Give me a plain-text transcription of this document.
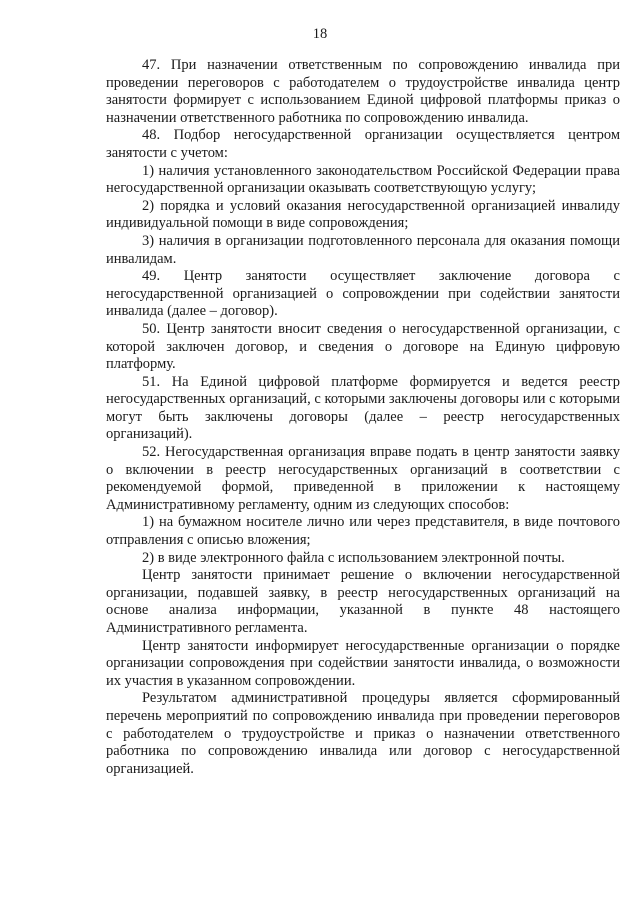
18

47. При назначении ответственным по сопровождению инвалида при проведении переговоров с работодателем о трудоустройстве инвалида центр занятости формирует с использованием Единой цифровой платформы приказ о назначении ответственного работника по сопровождению инвалида.

48. Подбор негосударственной организации осуществляется центром занятости с учетом:

1) наличия установленного законодательством Российской Федерации права негосударственной организации оказывать соответствующую услугу;

2) порядка и условий оказания негосударственной организацией инвалиду индивидуальной помощи в виде сопровождения;

3) наличия в организации подготовленного персонала для оказания помощи инвалидам.

49. Центр занятости осуществляет заключение договора с негосударственной организацией о сопровождении при содействии занятости инвалида (далее – договор).

50. Центр занятости вносит сведения о негосударственной организации, с которой заключен договор, и сведения о договоре на Единую цифровую платформу.

51. На Единой цифровой платформе формируется и ведется реестр негосударственных организаций, с которыми заключены договоры или с которыми могут быть заключены договоры (далее – реестр негосударственных организаций).

52. Негосударственная организация вправе подать в центр занятости заявку о включении в реестр негосударственных организаций в соответствии с рекомендуемой формой, приведенной в приложении к настоящему Административному регламенту, одним из следующих способов:

1) на бумажном носителе лично или через представителя, в виде почтового отправления с описью вложения;

2) в виде электронного файла с использованием электронной почты.

Центр занятости принимает решение о включении негосударственной организации, подавшей заявку, в реестр негосударственных организаций на основе анализа информации, указанной в пункте 48 настоящего Административного регламента.

Центр занятости информирует негосударственные организации о порядке организации сопровождения при содействии занятости инвалида, о возможности их участия в указанном сопровождении.

Результатом административной процедуры является сформированный перечень мероприятий по сопровождению инвалида при проведении переговоров с работодателем о трудоустройстве и приказ о назначении ответственного работника по сопровождению инвалида или договор с негосударственной организацией.
